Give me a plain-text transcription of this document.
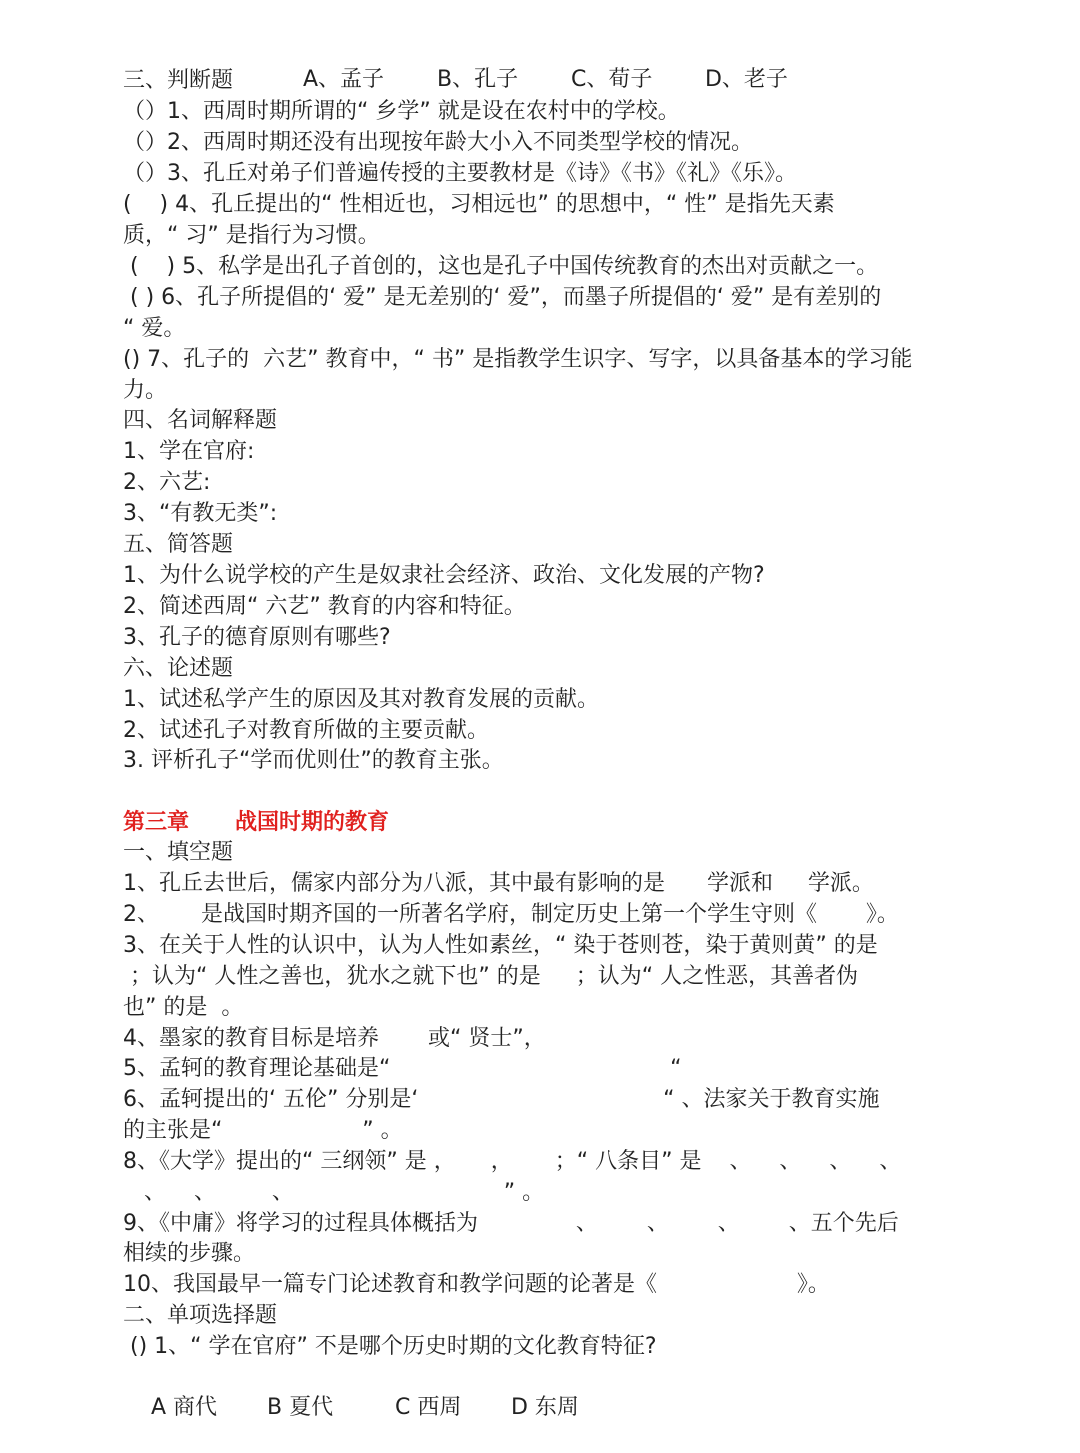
A、孟子 B、孔子 C、荀子 D、老子

三、判断题
（）1、西周时期所谓的“ 乡学” 就是设在农村中的学校。
（）2、西周时期还没有出现按年龄大小入不同类型学校的情况。
（）3、孔丘对弟子们普遍传授的主要教材是《诗》《书》《礼》《乐》。
(    ) 4、孔丘提出的“ 性相近也，习相远也” 的思想中，“ 性” 是指先天素
质，“ 习” 是指行为习惯。
(    ) 5、私学是出孔子首创的，这也是孔子中国传统教育的杰出对贡献之一。
( ) 6、孔子所提倡的‘ 爱” 是无差别的‘ 爱”，而墨子所提倡的‘ 爱” 是有差别的
“ 爱。
() 7、孔子的  六艺” 教育中，“ 书” 是指教学生识字、写字，以具备基本的学习能
力。
四、名词解释题
1、学在官府:
2、六艺:
3、“有教无类”:
五、简答题
1、为什么说学校的产生是奴隶社会经济、政治、文化发展的产物?
2、简述西周“ 六艺” 教育的内容和特征。
3、孔子的德育原则有哪些?
六、论述题
1、试述私学产生的原因及其对教育发展的贡献。
2、试述孔子对教育所做的主要贡献。
3. 评析孔子“学而优则仕”的教育主张。
第三章      战国时期的教育
一、填空题
1、孔丘去世后，儒家内部分为八派，其中最有影响的是      学派和     学派。
2、      是战国时期齐国的一所著名学府，制定历史上第一个学生守则《       》。
3、在关于人性的认识中，认为人性如素丝，“ 染于苍则苍，染于黄则黄” 的是
；认为“ 人性之善也，犹水之就下也” 的是     ；认为“ 人之性恶，其善者伪
也” 的是  。
4、墨家的教育目标是培养       或“ 贤士”，
5、孟轲的教育理论基础是“                                        “
6、孟轲提出的‘ 五伦” 分别是‘                                   “ 、法家关于教育实施
的主张是“                    ” 。
8、《大学》提出的“ 三纲领” 是 ，     ，      ；“ 八条目” 是    、    、    、    、
、    、        、                              ” 。
9、《中庸》将学习的过程具体概括为              、       、       、       、五个先后
相续的步骤。
10、我国最早一篇专门论述教育和教学问题的论著是《                    》。
二、单项选择题
() 1、“ 学在官府” 不是哪个历史时期的文化教育特征?

A 商代 B 夏代	C 西周 D 东周
